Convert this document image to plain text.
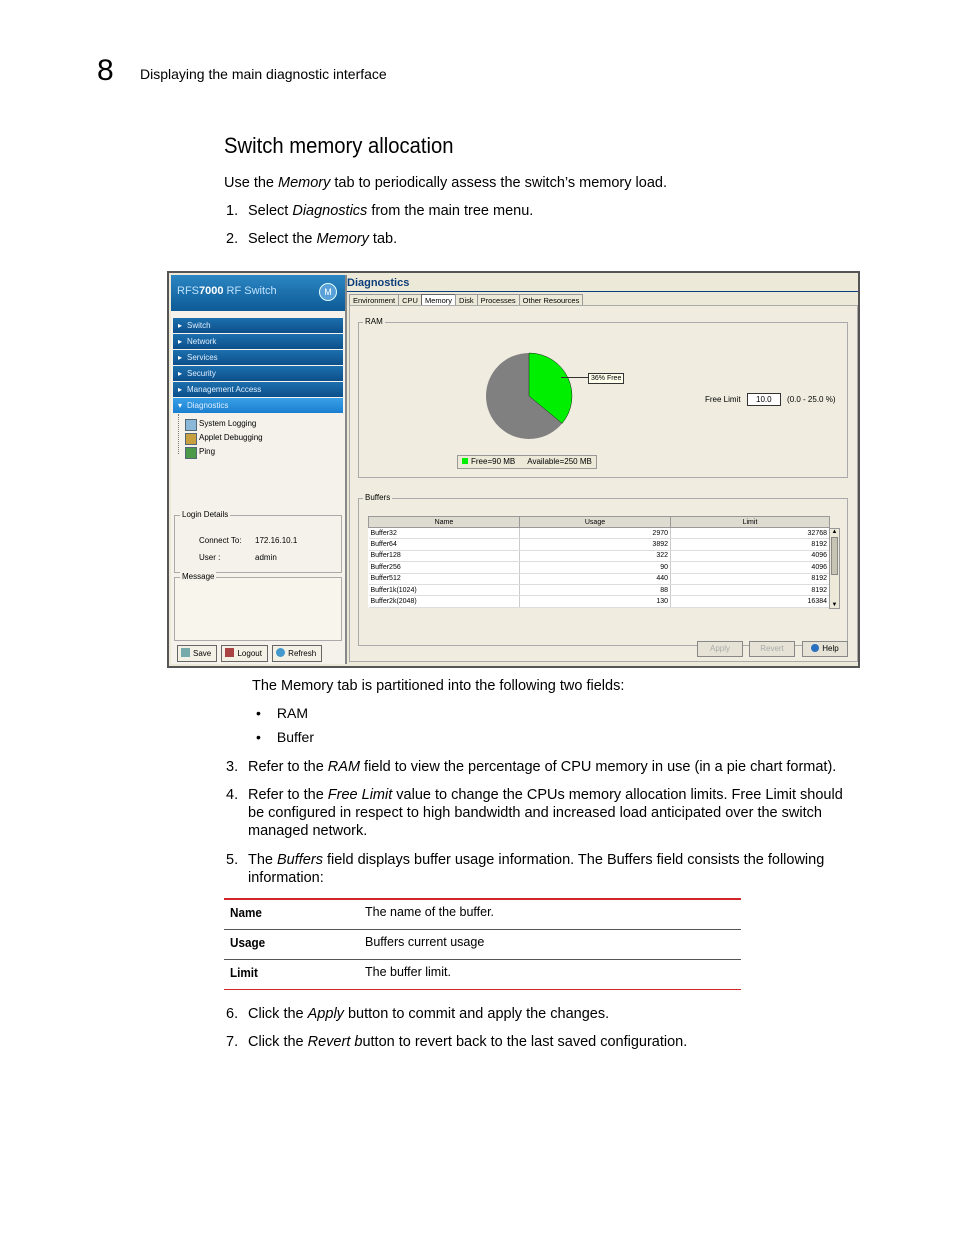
8 Displaying the main diagnostic interface
Switch memory allocation
Use the Memory tab to periodically assess the switch’s memory load.
1. Select Diagnostics from the main tree menu.
2. Select the Memory tab.
RFS7000 RF Switch	M
▸ Switch
▸ Network
▸ Services
▸ Security
▸ Management Access
▾ Diagnostics
System Logging
Applet Debugging
Ping
Login Details
Connect To: 172.16.10.1
User :	admin
Message
Save	Logout	Refresh
Diagnostics
Environment CPU Memory Disk Processes Other Resources
RAM
36% Free
Free=90 MB Available=250 MB
Free Limit 10.0 (0.0 - 25.0 %)
Buffers
Name	Usage	Limit
Buffer32	2970	32768
Buffer64	3892	8192
Buffer128	322	4096
Buffer256	90	4096
Buffer512	440	8192
Buffer1k(1024)	88	8192
Buffer2k(2048)	130	16384
▲
▼
Apply	Revert	Help
The Memory tab is partitioned into the following two fields:
• RAM
• Buffer
3. Refer to the RAM field to view the percentage of CPU memory in use (in a pie chart format).
4. Refer to the Free Limit value to change the CPUs memory allocation limits. Free Limit should
be configured in respect to high bandwidth and increased load anticipated over the switch
managed network.
5. The Buffers field displays buffer usage information. The Buffers field consists the following
information:
Name	The name of the buffer.
Usage	Buffers current usage
Limit	The buffer limit.
6. Click the Apply button to commit and apply the changes.
7. Click the Revert button to revert back to the last saved configuration.
